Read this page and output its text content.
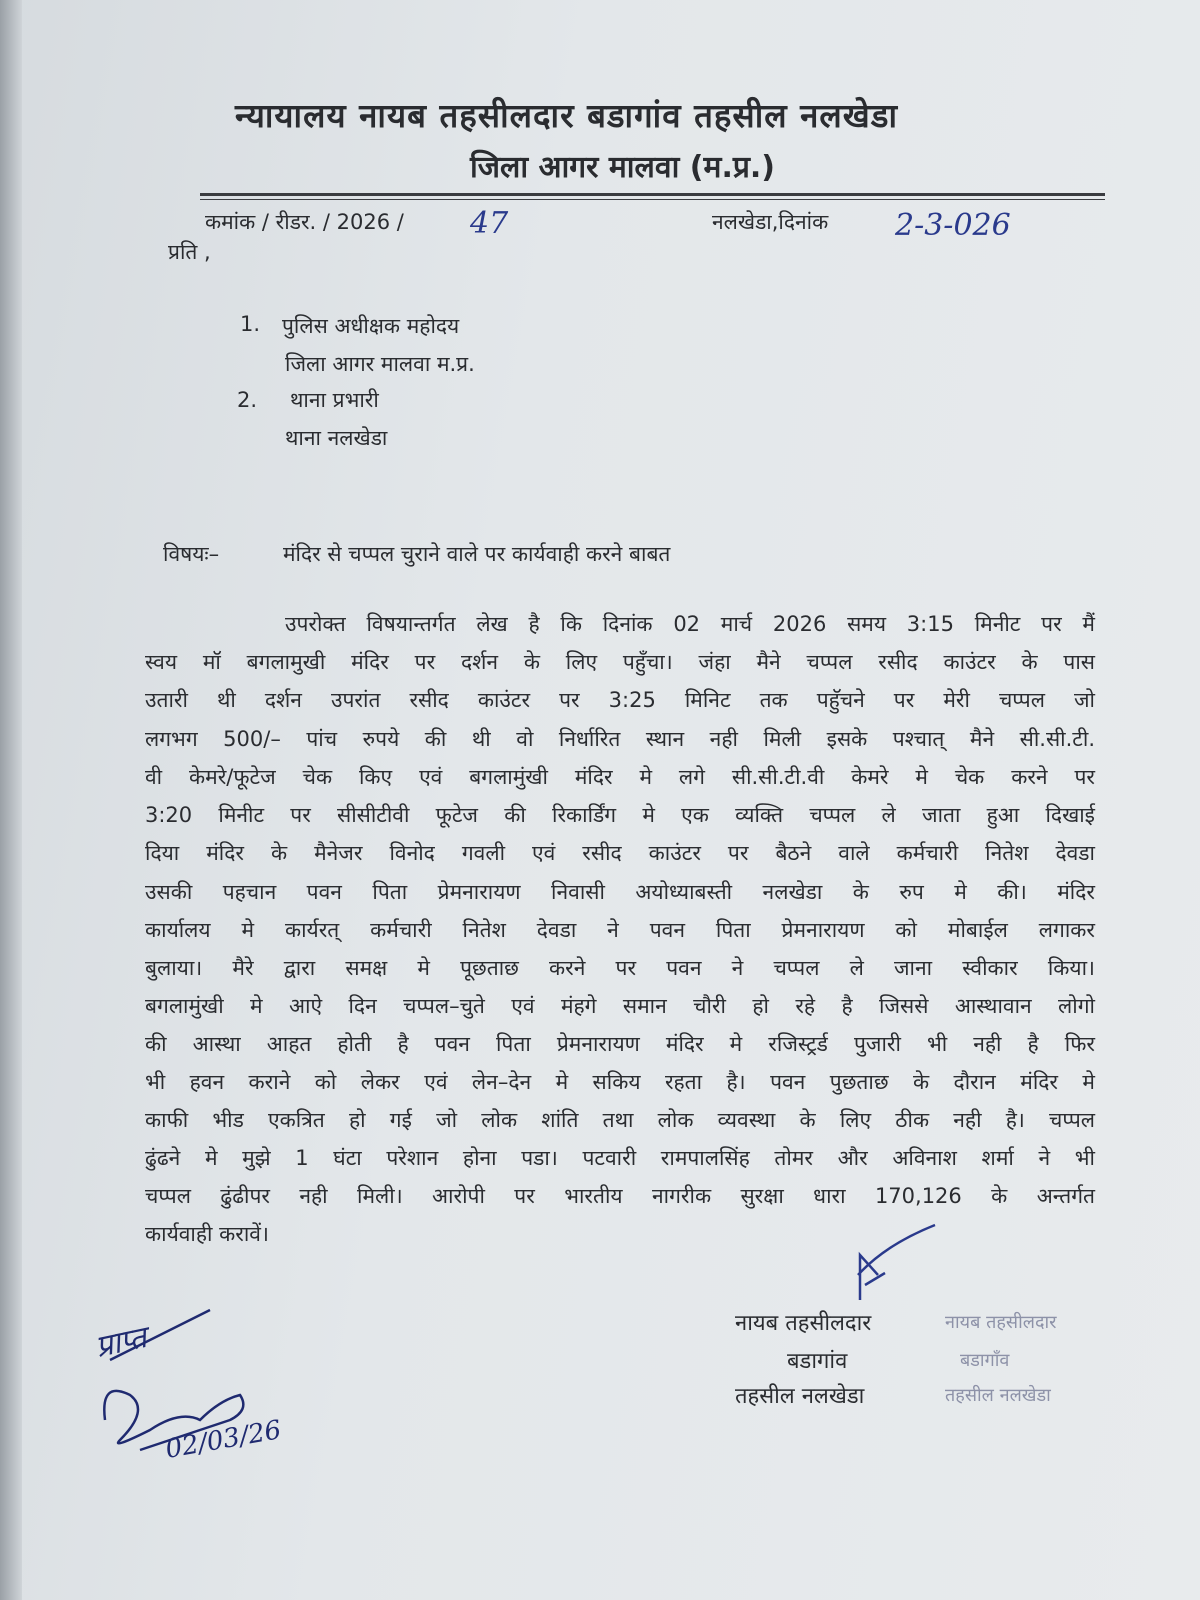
न्यायालय नायब तहसीलदार बडागांव तहसील नलखेडा
जिला आगर मालवा (म.प्र.)
कमांक / रीडर. / 2026 / 47	नलखेडा,दिनांक 2-3-026
प्रति ,
1. पुलिस अधीक्षक महोदय
जिला आगर मालवा म.प्र.
2. थाना प्रभारी
थाना नलखेडा
विषयः–	मंदिर से चप्पल चुराने वाले पर कार्यवाही करने बाबत
उपरोक्त विषयान्तर्गत लेख है कि दिनांक 02 मार्च 2026 समय 3:15 मिनीट पर मैं
स्वय मॉ बगलामुखी मंदिर पर दर्शन के लिए पहुँचा। जंहा मैने चप्पल रसीद काउंटर के पास
उतारी थी दर्शन उपरांत रसीद काउंटर पर 3:25 मिनिट तक पहुॅचने पर मेरी चप्पल जो
लगभग 500/– पांच रुपये की थी वो निर्धारित स्थान नही मिली इसके पश्चात् मैने सी.सी.टी.
वी केमरे/फूटेज चेक किए एवं बगलामुंखी मंदिर मे लगे सी.सी.टी.वी केमरे मे चेक करने पर
3:20 मिनीट पर सीसीटीवी फूटेज की रिकार्डिंग मे एक व्यक्ति चप्पल ले जाता हुआ दिखाई
दिया मंदिर के मैनेजर विनोद गवली एवं रसीद काउंटर पर बैठने वाले कर्मचारी नितेश देवडा
उसकी पहचान पवन पिता प्रेमनारायण निवासी अयोध्याबस्ती नलखेडा के रुप मे की। मंदिर
कार्यालय मे कार्यरत् कर्मचारी नितेश देवडा ने पवन पिता प्रेमनारायण को मोबाईल लगाकर
बुलाया। मैरे द्वारा समक्ष मे पूछताछ करने पर पवन ने चप्पल ले जाना स्वीकार किया।
बगलामुंखी मे आऐ दिन चप्पल–चुते एवं मंहगे समान चौरी हो रहे है जिससे आस्थावान लोगो
की आस्था आहत होती है पवन पिता प्रेमनारायण मंदिर मे रजिस्ट्रर्ड पुजारी भी नही है फिर
भी हवन कराने को लेकर एवं लेन–देन मे सकिय रहता है। पवन पुछताछ के दौरान मंदिर मे
काफी भीड एकत्रित हो गई जो लोक शांति तथा लोक व्यवस्था के लिए ठीक नही है। चप्पल
ढुंढने मे मुझे 1 घंटा परेशान होना पडा। पटवारी रामपालसिंह तोमर और अविनाश शर्मा ने भी
चप्पल ढुंढीपर नही मिली। आरोपी पर भारतीय नागरीक सुरक्षा धारा 170,126 के अन्तर्गत
कार्यवाही करावें।
नायब तहसीलदार
बडागांव
तहसील नलखेडा
नायब तहसीलदार
बडागाँव
तहसील नलखेडा
प्राप्त
02/03/26
